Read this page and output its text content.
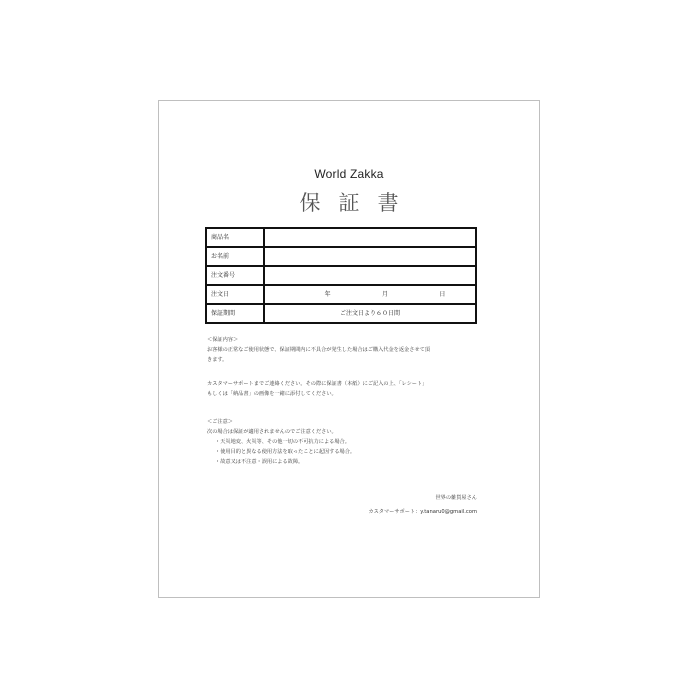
World Zakka
保証書
商品名	
お名前	
注文番号	
注文日	年 月 日

保証期間	ご注文日より６０日間
＜保証内容＞
お客様の正常なご使用状態で、保証期間内に不具合が発生した場合はご購入代金を返金させて頂
きます。
カスタマーサポートまでご連絡ください。その際に保証書（本紙）にご記入の上、「レシート」
もしくは「納品書」の画像を一緒に添付してください。
＜ご注意＞
次の場合は保証が適用されませんのでご注意ください。
・天災地変、火災等、その他一切の不可抗力による場合。
・使用目的と異なる使用方法を取ったことに起因する場合。
・故意又は不注意・誤用による故障。
世界の雑貨屋さん
カスタマーサポート：y.tanaru0@gmail.com
